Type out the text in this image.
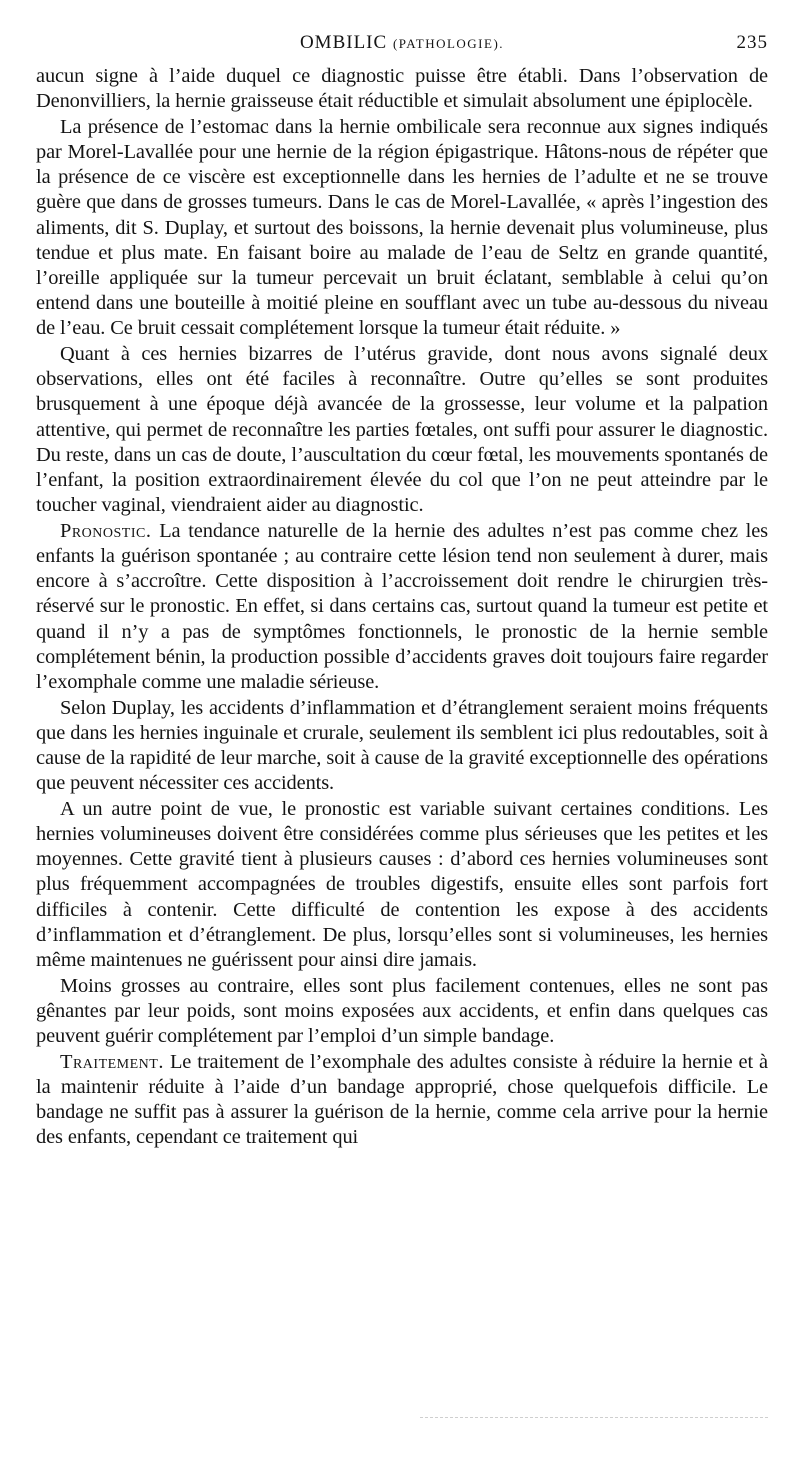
OMBILIC (PATHOLOGIE).	235

aucun signe à l’aide duquel ce diagnostic puisse être établi. Dans l’observation de Denonvilliers, la hernie graisseuse était réductible et simulait absolument une épiplocèle.

La présence de l’estomac dans la hernie ombilicale sera reconnue aux signes indiqués par Morel-Lavallée pour une hernie de la région épigastrique. Hâtons-nous de répéter que la présence de ce viscère est exceptionnelle dans les hernies de l’adulte et ne se trouve guère que dans de grosses tumeurs. Dans le cas de Morel-Lavallée, « après l’ingestion des aliments, dit S. Duplay, et surtout des boissons, la hernie devenait plus volumineuse, plus tendue et plus mate. En faisant boire au malade de l’eau de Seltz en grande quantité, l’oreille appliquée sur la tumeur percevait un bruit éclatant, semblable à celui qu’on entend dans une bouteille à moitié pleine en soufflant avec un tube au-dessous du niveau de l’eau. Ce bruit cessait complétement lorsque la tumeur était réduite. »

Quant à ces hernies bizarres de l’utérus gravide, dont nous avons signalé deux observations, elles ont été faciles à reconnaître. Outre qu’elles se sont produites brusquement à une époque déjà avancée de la grossesse, leur volume et la palpation attentive, qui permet de reconnaître les parties fœtales, ont suffi pour assurer le diagnostic. Du reste, dans un cas de doute, l’auscultation du cœur fœtal, les mouvements spontanés de l’enfant, la position extraordinairement élevée du col que l’on ne peut atteindre par le toucher vaginal, viendraient aider au diagnostic.

Pronostic. La tendance naturelle de la hernie des adultes n’est pas comme chez les enfants la guérison spontanée ; au contraire cette lésion tend non seulement à durer, mais encore à s’accroître. Cette disposition à l’accroissement doit rendre le chirurgien très-réservé sur le pronostic. En effet, si dans certains cas, surtout quand la tumeur est petite et quand il n’y a pas de symptômes fonctionnels, le pronostic de la hernie semble complétement bénin, la production possible d’accidents graves doit toujours faire regarder l’exomphale comme une maladie sérieuse.

Selon Duplay, les accidents d’inflammation et d’étranglement seraient moins fréquents que dans les hernies inguinale et crurale, seulement ils semblent ici plus redoutables, soit à cause de la rapidité de leur marche, soit à cause de la gravité exceptionnelle des opérations que peuvent nécessiter ces accidents.

A un autre point de vue, le pronostic est variable suivant certaines conditions. Les hernies volumineuses doivent être considérées comme plus sérieuses que les petites et les moyennes. Cette gravité tient à plusieurs causes : d’abord ces hernies volumineuses sont plus fréquemment accompagnées de troubles digestifs, ensuite elles sont parfois fort difficiles à contenir. Cette difficulté de contention les expose à des accidents d’inflammation et d’étranglement. De plus, lorsqu’elles sont si volumineuses, les hernies même maintenues ne guérissent pour ainsi dire jamais.

Moins grosses au contraire, elles sont plus facilement contenues, elles ne sont pas gênantes par leur poids, sont moins exposées aux accidents, et enfin dans quelques cas peuvent guérir complétement par l’emploi d’un simple bandage.

Traitement. Le traitement de l’exomphale des adultes consiste à réduire la hernie et à la maintenir réduite à l’aide d’un bandage approprié, chose quelquefois difficile. Le bandage ne suffit pas à assurer la guérison de la hernie, comme cela arrive pour la hernie des enfants, cependant ce traitement qui
